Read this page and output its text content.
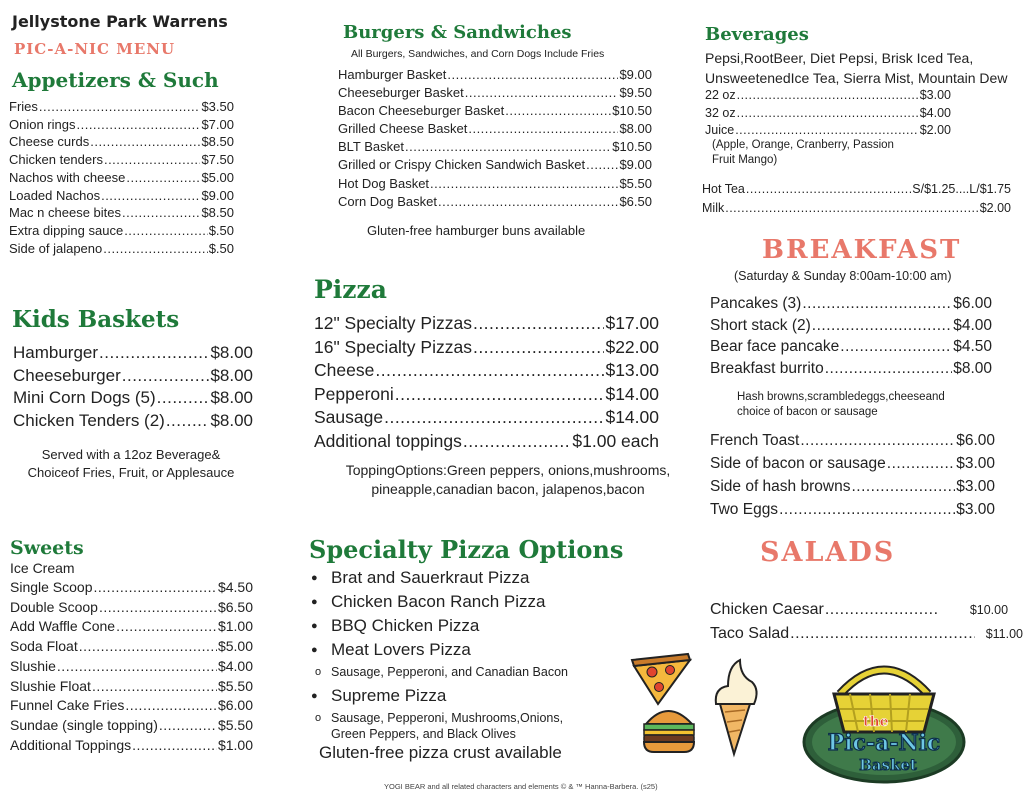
Jellystone Park Warrens
PIC-A-NIC MENU
Appetizers & Such
Fries .....	$3.50
Onion rings .....	$7.00
Cheese curds .....	$8.50
Chicken tenders .....	$7.50
Nachos with cheese .....	$5.00
Loaded Nachos .....	$9.00
Mac n cheese bites .....	$8.50
Extra dipping sauce .....	$.50
Side of jalapeno .....	$.50
Kids Baskets
Hamburger .....	$8.00
Cheeseburger .....	$8.00
Mini Corn Dogs (5) .....	$8.00
Chicken Tenders (2) .....	$8.00
Served with a 12oz Beverage&
Choiceof Fries, Fruit, or Applesauce
Sweets
Ice Cream
Single Scoop .....	$4.50
Double Scoop .....	$6.50
Add Waffle Cone .....	$1.00
Soda Float .....	$5.00
Slushie .....	$4.00
Slushie Float .....	$5.50
Funnel Cake Fries .....	$6.00
Sundae (single topping) .....	$5.50
Additional Toppings .....	$1.00
Burgers & Sandwiches
All Burgers, Sandwiches, and Corn Dogs Include Fries
Hamburger Basket .....	$9.00
Cheeseburger Basket .....	$9.50
Bacon Cheeseburger Basket .....	$10.50
Grilled Cheese Basket .....	$8.00
BLT Basket .....	$10.50
Grilled or Crispy Chicken Sandwich Basket .....	$9.00
Hot Dog Basket .....	$5.50
Corn Dog Basket .....	$6.50
Gluten-free hamburger buns available
Pizza
12" Specialty Pizzas .....	$17.00
16" Specialty Pizzas .....	$22.00
Cheese .....	$13.00
Pepperoni .....	$14.00
Sausage .....	$14.00
Additional toppings .....	$1.00 each
ToppingOptions:Green peppers, onions,mushrooms,
pineapple,canadian bacon, jalapenos,bacon
Specialty Pizza Options
● Brat and Sauerkraut Pizza
● Chicken Bacon Ranch Pizza
● BBQ Chicken Pizza
● Meat Lovers Pizza
o Sausage, Pepperoni, and Canadian Bacon
● Supreme Pizza
o Sausage, Pepperoni, Mushrooms,Onions, Green Peppers, and Black Olives
Gluten-free pizza crust available
Beverages
Pepsi,RootBeer, Diet Pepsi, Brisk Iced Tea,
UnsweetenedIce Tea, Sierra Mist, Mountain Dew
22 oz .....	$3.00
32 oz .....	$4.00
Juice .....	$2.00
(Apple, Orange, Cranberry, Passion
Fruit Mango)
Hot Tea .....	S/$1.25....L/$1.75
Milk .....	$2.00
BREAKFAST
(Saturday & Sunday 8:00am-10:00 am)
Pancakes (3) .....	$6.00
Short stack (2) .....	$4.00
Bear face pancake .....	$4.50
Breakfast burrito .....	$8.00
Hash browns,scrambledeggs,cheeseand
choice of bacon or sausage
French Toast .....	$6.00
Side of bacon or sausage .....	$3.00
Side of hash browns .....	$3.00
Two Eggs .....	$3.00
SALADS
Chicken Caesar .....	$10.00
Taco Salad .....	$11.00
the
Pic-a-Nic
Basket
YOGI BEAR and all related characters and elements © & ™ Hanna-Barbera. (s25)
